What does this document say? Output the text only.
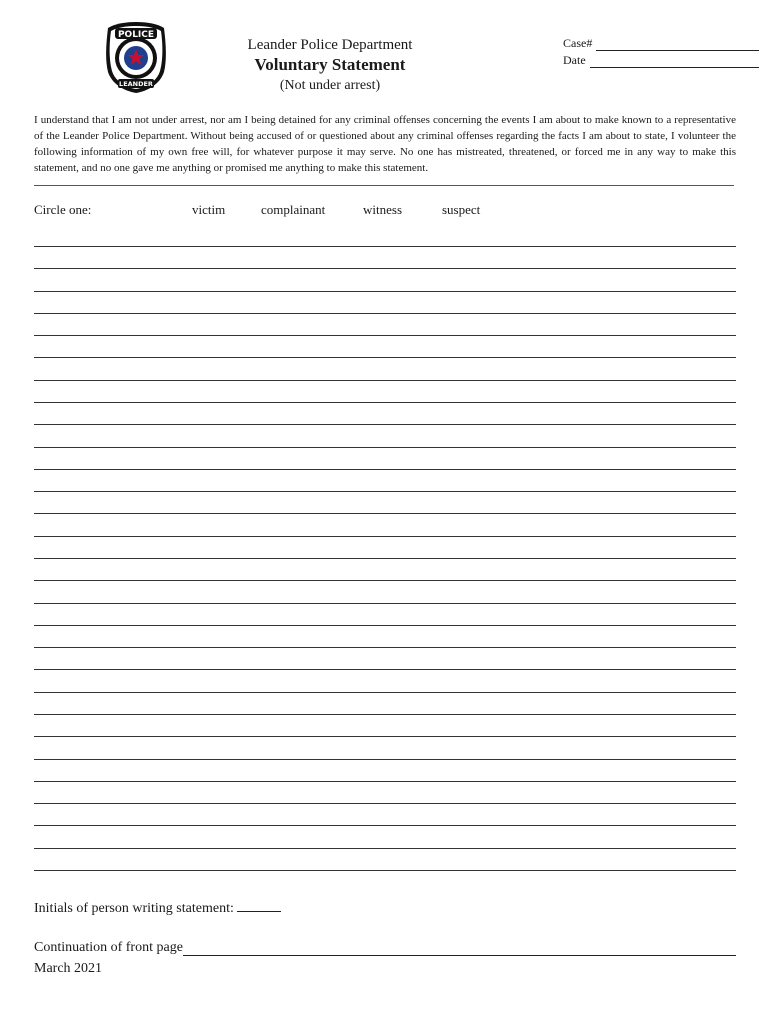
POLICE
LEANDER
Leander Police Department
Voluntary Statement
(Not under arrest)
Case#
Date
I understand that I am not under arrest, nor am I being detained for any criminal offenses concerning the events I am about to make known to a representative of the Leander Police Department. Without being accused of or questioned about any criminal offenses regarding the facts I am about to state, I volunteer the following information of my own free will, for whatever purpose it may serve. No one has mistreated, threatened, or forced me in any way to make this statement, and no one gave me anything or promised me anything to make this statement.
Circle one:	victim	complainant	witness	suspect
Initials of person writing statement:
Continuation of front page
March 2021
